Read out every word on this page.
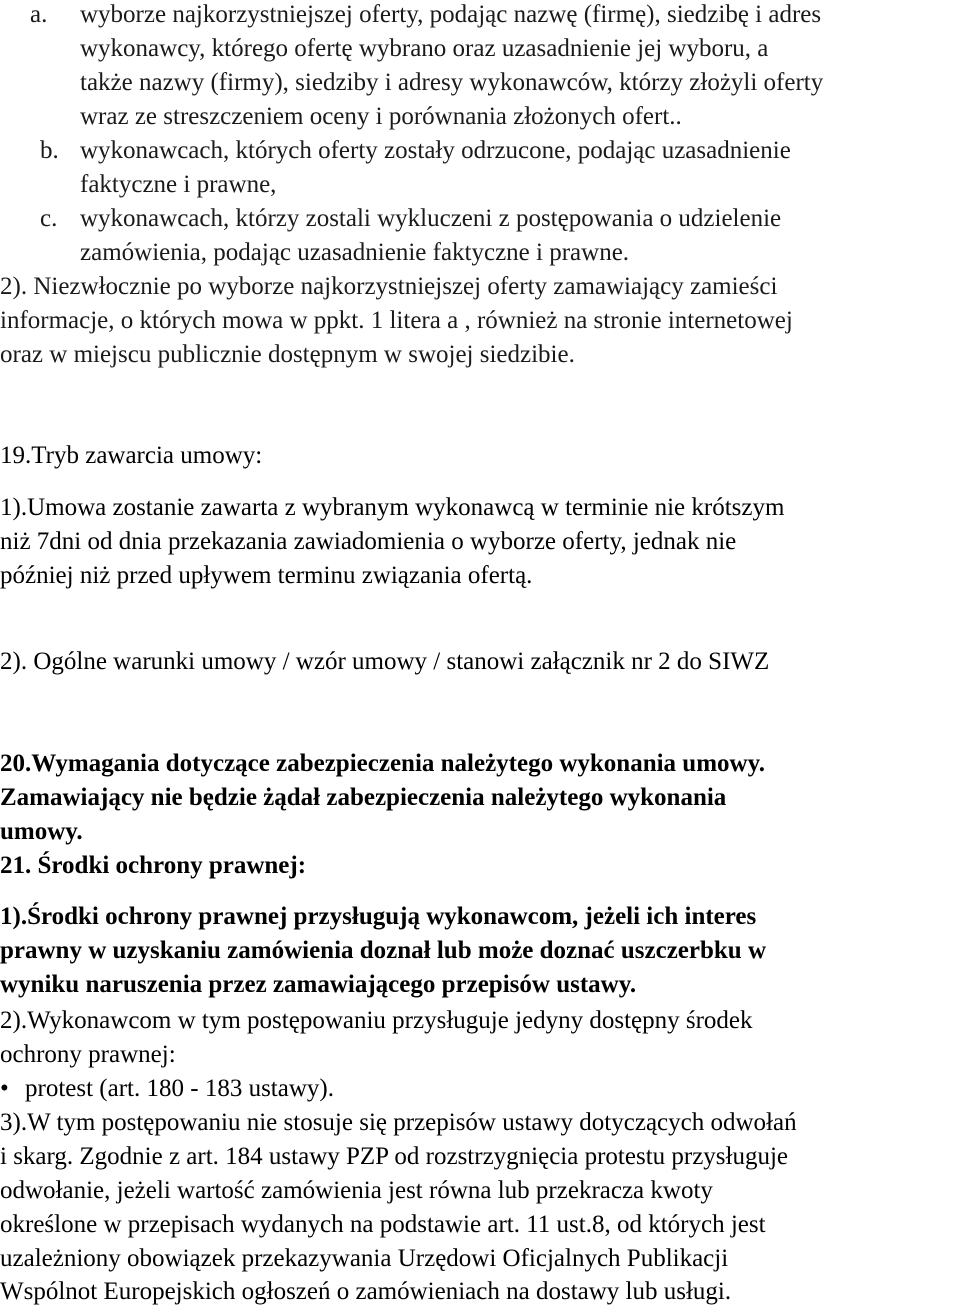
a. wyborze najkorzystniejszej oferty, podając nazwę (firmę), siedzibę i adres
wykonawcy, którego ofertę wybrano oraz uzasadnienie jej wyboru, a
także nazwy (firmy), siedziby i adresy wykonawców, którzy złożyli oferty
wraz ze streszczeniem oceny i porównania złożonych ofert..
b. wykonawcach, których oferty zostały odrzucone, podając uzasadnienie
faktyczne i prawne,
c. wykonawcach, którzy zostali wykluczeni z postępowania o udzielenie
zamówienia, podając uzasadnienie faktyczne i prawne.
2). Niezwłocznie po wyborze najkorzystniejszej oferty zamawiający zamieści
informacje, o których mowa w ppkt. 1 litera a , również na stronie internetowej
oraz w miejscu publicznie dostępnym w swojej siedzibie.
19.Tryb zawarcia umowy:
1).Umowa zostanie zawarta z wybranym wykonawcą w terminie nie krótszym
niż 7dni od dnia przekazania zawiadomienia o wyborze oferty, jednak nie
później niż przed upływem terminu związania ofertą.
2). Ogólne warunki umowy / wzór umowy / stanowi załącznik nr 2 do SIWZ
20.Wymagania dotyczące zabezpieczenia należytego wykonania umowy.
Zamawiający nie będzie żądał zabezpieczenia należytego wykonania
umowy.
21. Środki ochrony prawnej:
1).Środki ochrony prawnej przysługują wykonawcom, jeżeli ich interes
prawny w uzyskaniu zamówienia doznał lub może doznać uszczerbku w
wyniku naruszenia przez zamawiającego przepisów ustawy.
2).Wykonawcom w tym postępowaniu przysługuje jedyny dostępny środek
ochrony prawnej:
• protest (art. 180 - 183 ustawy).
3).W tym postępowaniu nie stosuje się przepisów ustawy dotyczących odwołań
i skarg. Zgodnie z art. 184 ustawy PZP od rozstrzygnięcia protestu przysługuje
odwołanie, jeżeli wartość zamówienia jest równa lub przekracza kwoty
określone w przepisach wydanych na podstawie art. 11 ust.8, od których jest
uzależniony obowiązek przekazywania Urzędowi Oficjalnych Publikacji
Wspólnot Europejskich ogłoszeń o zamówieniach na dostawy lub usługi.
